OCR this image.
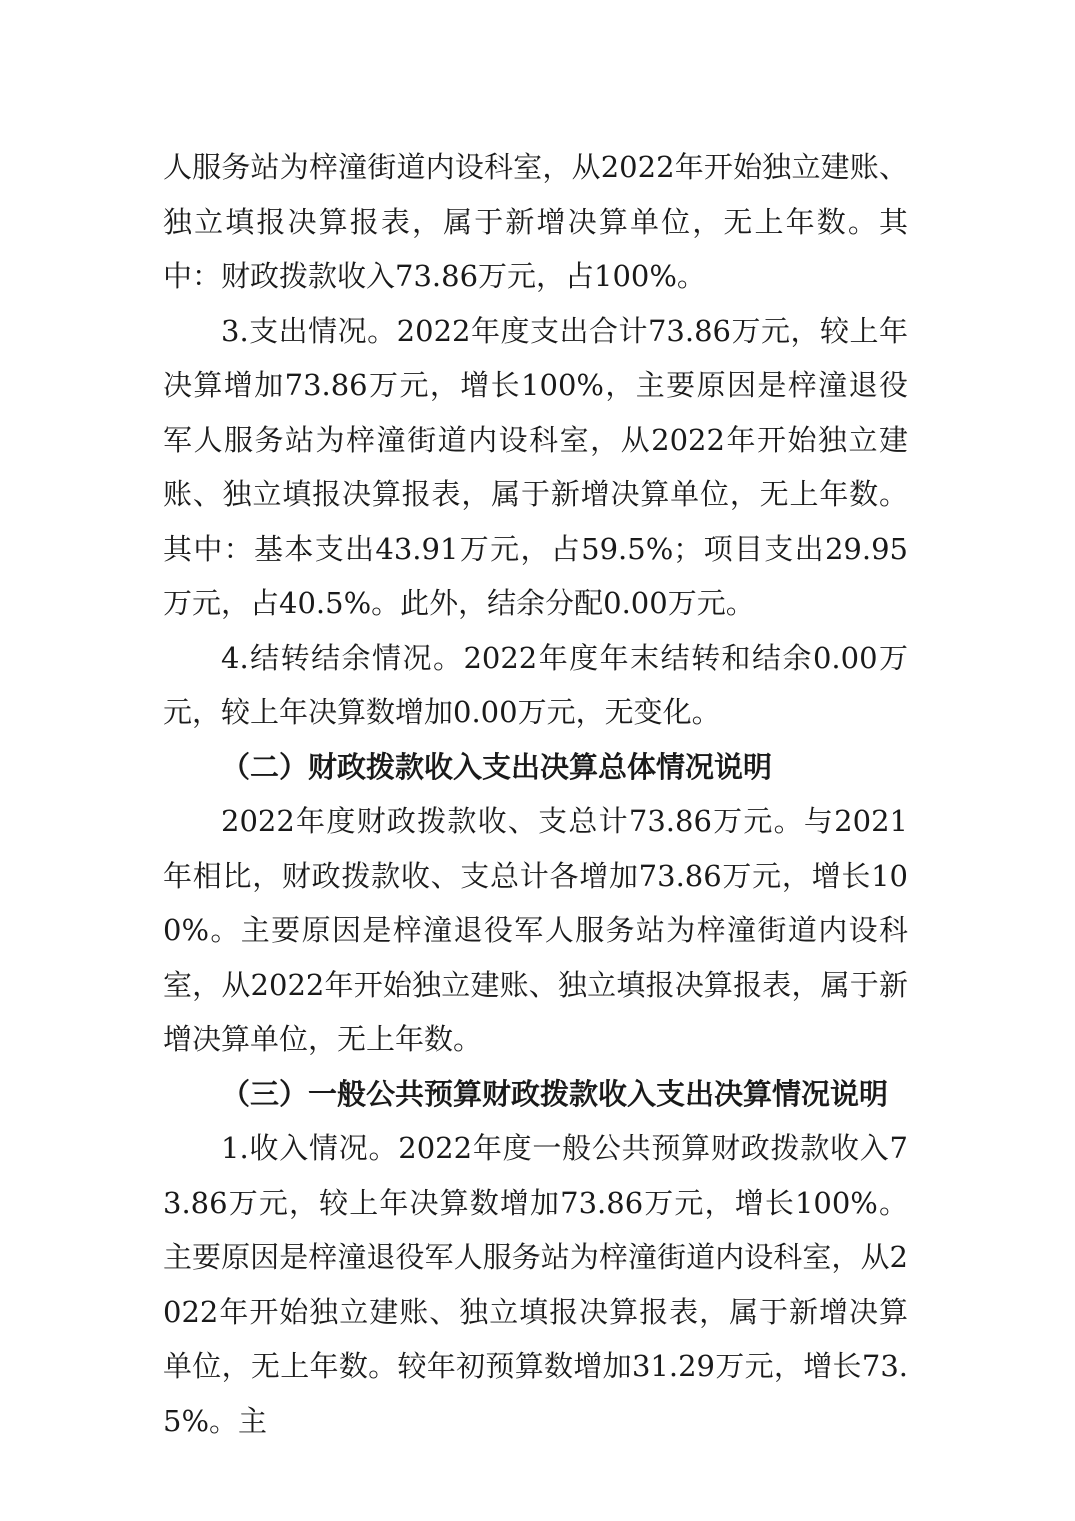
人服务站为梓潼街道内设科室，从2022年开始独立建账、独立填报决算报表，属于新增决算单位，无上年数。其中：财政拨款收入73.86万元，占100%。

3.支出情况。2022年度支出合计73.86万元，较上年决算增加73.86万元，增长100%，主要原因是梓潼退役军人服务站为梓潼街道内设科室，从2022年开始独立建账、独立填报决算报表，属于新增决算单位，无上年数。其中：基本支出43.91万元，占59.5%；项目支出29.95万元，占40.5%。此外，结余分配0.00万元。

4.结转结余情况。2022年度年末结转和结余0.00万元，较上年决算数增加0.00万元，无变化。

（二）财政拨款收入支出决算总体情况说明

2022年度财政拨款收、支总计73.86万元。与2021年相比，财政拨款收、支总计各增加73.86万元，增长100%。主要原因是梓潼退役军人服务站为梓潼街道内设科室，从2022年开始独立建账、独立填报决算报表，属于新增决算单位，无上年数。

（三）一般公共预算财政拨款收入支出决算情况说明

1.收入情况。2022年度一般公共预算财政拨款收入73.86万元，较上年决算数增加73.86万元，增长100%。主要原因是梓潼退役军人服务站为梓潼街道内设科室，从2022年开始独立建账、独立填报决算报表，属于新增决算单位，无上年数。较年初预算数增加31.29万元，增长73.5%。主
